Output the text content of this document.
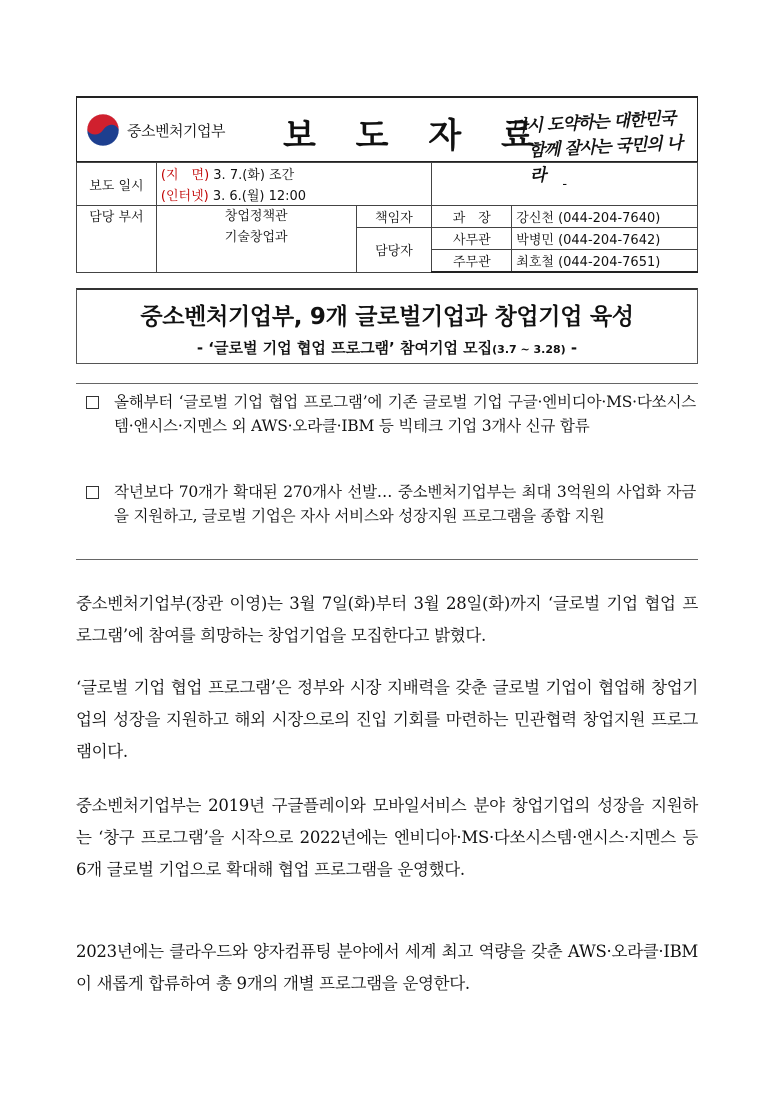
중소벤처기업부 보 도 자 료
다시 도약하는 대한민국
함께 잘사는 국민의 나라
보도 일시	(지　면) 3. 7.(화) 조간		-	
	(인터넷) 3. 6.(월) 12:00			
담당 부서	창업정책관
기술창업과	책임자	과　장	강신천 (044-204-7640)
		담당자	사무관	박병민 (044-204-7642)
			주무관	최호철 (044-204-7651)
중소벤처기업부, 9개 글로벌기업과 창업기업 육성
- ‘글로벌 기업 협업 프로그램’ 참여기업 모집(3.7 ~ 3.28) -
올해부터 ‘글로벌 기업 협업 프로그램’에 기존 글로벌 기업 구글·엔비디아·MS·다쏘시스템·앤시스·지멘스 외 AWS·오라클·IBM 등 빅테크 기업 3개사 신규 합류
작년보다 70개가 확대된 270개사 선발… 중소벤처기업부는 최대 3억원의 사업화 자금을 지원하고, 글로벌 기업은 자사 서비스와 성장지원 프로그램을 종합 지원
중소벤처기업부(장관 이영)는 3월 7일(화)부터 3월 28일(화)까지 ‘글로벌 기업 협업 프로그램’에 참여를 희망하는 창업기업을 모집한다고 밝혔다.
‘글로벌 기업 협업 프로그램’은 정부와 시장 지배력을 갖춘 글로벌 기업이 협업해 창업기업의 성장을 지원하고 해외 시장으로의 진입 기회를 마련하는 민관협력 창업지원 프로그램이다.
중소벤처기업부는 2019년 구글플레이와 모바일서비스 분야 창업기업의 성장을 지원하는 ‘창구 프로그램’을 시작으로 2022년에는 엔비디아·MS·다쏘시스템·앤시스·지멘스 등 6개 글로벌 기업으로 확대해 협업 프로그램을 운영했다.
2023년에는 클라우드와 양자컴퓨팅 분야에서 세계 최고 역량을 갖춘 AWS·오라클·IBM이 새롭게 합류하여 총 9개의 개별 프로그램을 운영한다.
